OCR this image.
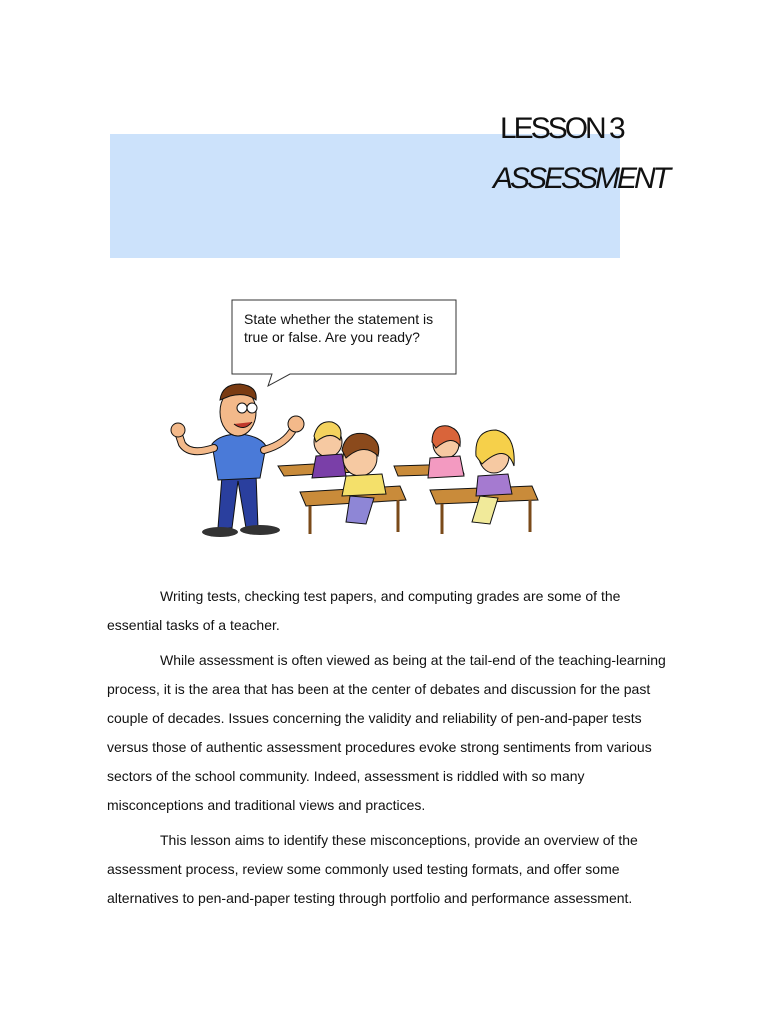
LESSON 3
ASSESSMENT
State whether the statement is true or false. Are you ready?

Writing tests, checking test papers, and computing grades are some of the essential tasks of a teacher.

While assessment is often viewed as being at the tail-end of the teaching-learning process, it is the area that has been at the center of debates and discussion for the past couple of decades. Issues concerning the validity and reliability of pen-and-paper tests versus those of authentic assessment procedures evoke strong sentiments from various sectors of the school community. Indeed, assessment is riddled with so many misconceptions and traditional views and practices.

This lesson aims to identify these misconceptions, provide an overview of the assessment process, review some commonly used testing formats, and offer some alternatives to pen-and-paper testing through portfolio and performance assessment.
